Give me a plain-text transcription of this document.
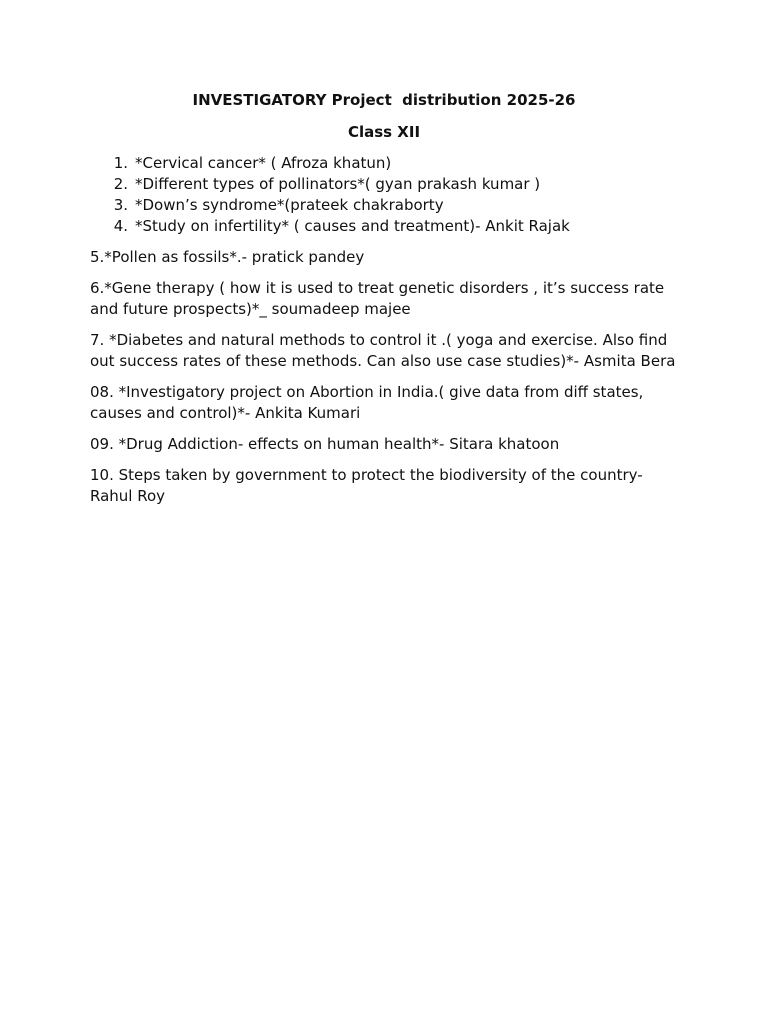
INVESTIGATORY Project  distribution 2025-26

Class XII

1. *Cervical cancer* ( Afroza khatun)
2. *Different types of pollinators*( gyan prakash kumar )
3. *Down’s syndrome*(prateek chakraborty
4. *Study on infertility* ( causes and treatment)- Ankit Rajak

5.*Pollen as fossils*.- pratick pandey

6.*Gene therapy ( how it is used to treat genetic disorders , it’s success rate and future prospects)*_ soumadeep majee

7. *Diabetes and natural methods to control it .( yoga and exercise. Also find out success rates of these methods. Can also use case studies)*- Asmita Bera

08. *Investigatory project on Abortion in India.( give data from diff states, causes and control)*- Ankita Kumari

09. *Drug Addiction- effects on human health*- Sitara khatoon

10. Steps taken by government to protect the biodiversity of the country- Rahul Roy
